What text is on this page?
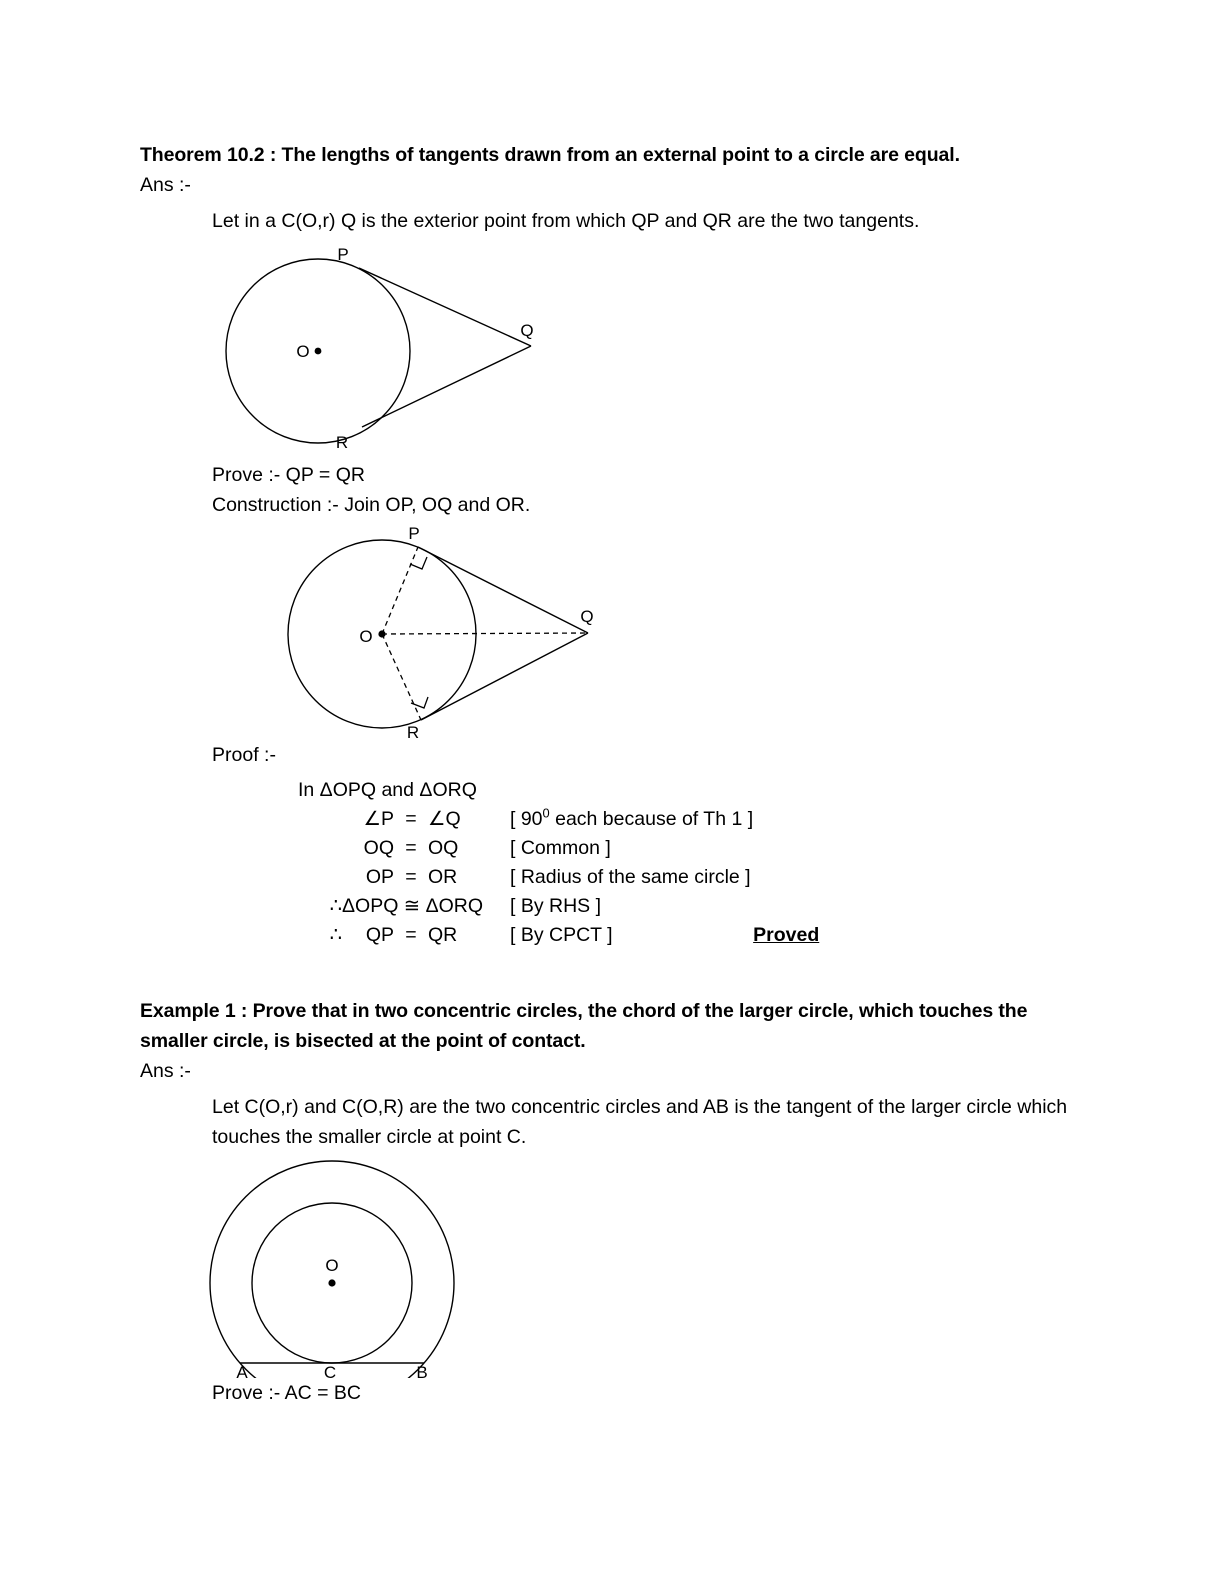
Theorem 10.2 : The lengths of tangents drawn from an external point to a circle are equal.

Ans :-

Let in a C(O,r) Q is the exterior point from which QP and QR are the two tangents.

P
O
Q
R

Prove :- QP = QR

Construction :- Join OP, OQ and OR.

P
O
Q
R

Proof :-

In ΔOPQ and ΔORQ
	∠P	=	∠Q	[ $90^0$ each because of Th 1 ]	
	OQ	=	OQ	[ Common ]	
	OP	=	OR	[ Radius of the same circle ]	
∴	ΔOPQ ≅ ΔORQ			[ By RHS ]	
∴	QP	=	QR	[ By CPCT ]	Proved

Example 1 : Prove that in two concentric circles, the chord of the larger circle, which touches the smaller circle, is bisected at the point of contact.

Ans :-

Let C(O,r) and C(O,R) are the two concentric circles and AB is the tangent of the larger circle which touches the smaller circle at point C.

O
A	C	B

Prove :- AC = BC
